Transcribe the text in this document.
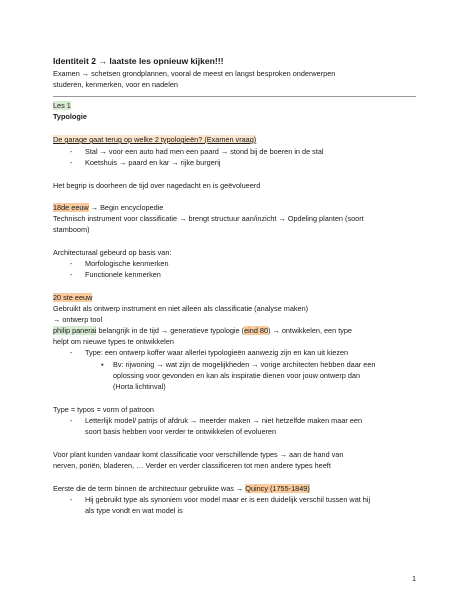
Identiteit 2 → laatste les opnieuw kijken!!!
Examen → schetsen grondplannen, vooral de meest en langst besproken onderwerpen
studeren, kenmerken, voor en nadelen
Les 1
Typologie
De garage gaat terug op welke 2 typologieën? (Examen vraag)
- Stal → voor een auto had men een paard → stond bij de boeren in de stal
- Koetshuis → paard en kar → rijke burgerij
Het begrip is doorheen de tijd over nagedacht en is geëvolueerd
18de eeuw → Begin encyclopedie
Technisch instrument voor classificatie → brengt structuur aan/inzicht → Opdeling planten (soort
stamboom)
Architecturaal gebeurd op basis van:
- Morfologische kenmerken
- Functionele kenmerken
20 ste eeuw
Gebruikt als ontwerp instrument en niet alleen als classificatie (analyse maken)
→ ontwerp tool
philip panerai belangrijk in de tijd → generatieve typologie (eind 80) → ontwikkelen, een type
helpt om nieuwe types te ontwikkelen
- Type: een ontwerp koffer waar allerlei typologieën aanwezig zijn en kan uit kiezen
▪ Bv: rijwoning → wat zijn de mogelijkheden → vorige architecten hebben daar een
oplossing voor gevonden en kan als inspiratie dienen voor jouw ontwerp dan
(Horta lichtinval)
Type = typos = vorm of patroon
- Letterlijk model/ patrijs of afdruk → meerder maken → niet hetzelfde maken maar een
soort basis hebben voor verder te ontwikkelen of evolueren
Voor plant kunden vandaar komt classificatie voor verschillende types → aan de hand van
nerven, poriën, bladeren, … Verder en verder classificeren tot men andere types heeft
Eerste die de term binnen de architectuur gebruikte was → Quincy (1755-1849)
- Hij gebruikt type als synoniem voor model maar er is een duidelijk verschil tussen wat hij
als type vondt en wat model is
1
